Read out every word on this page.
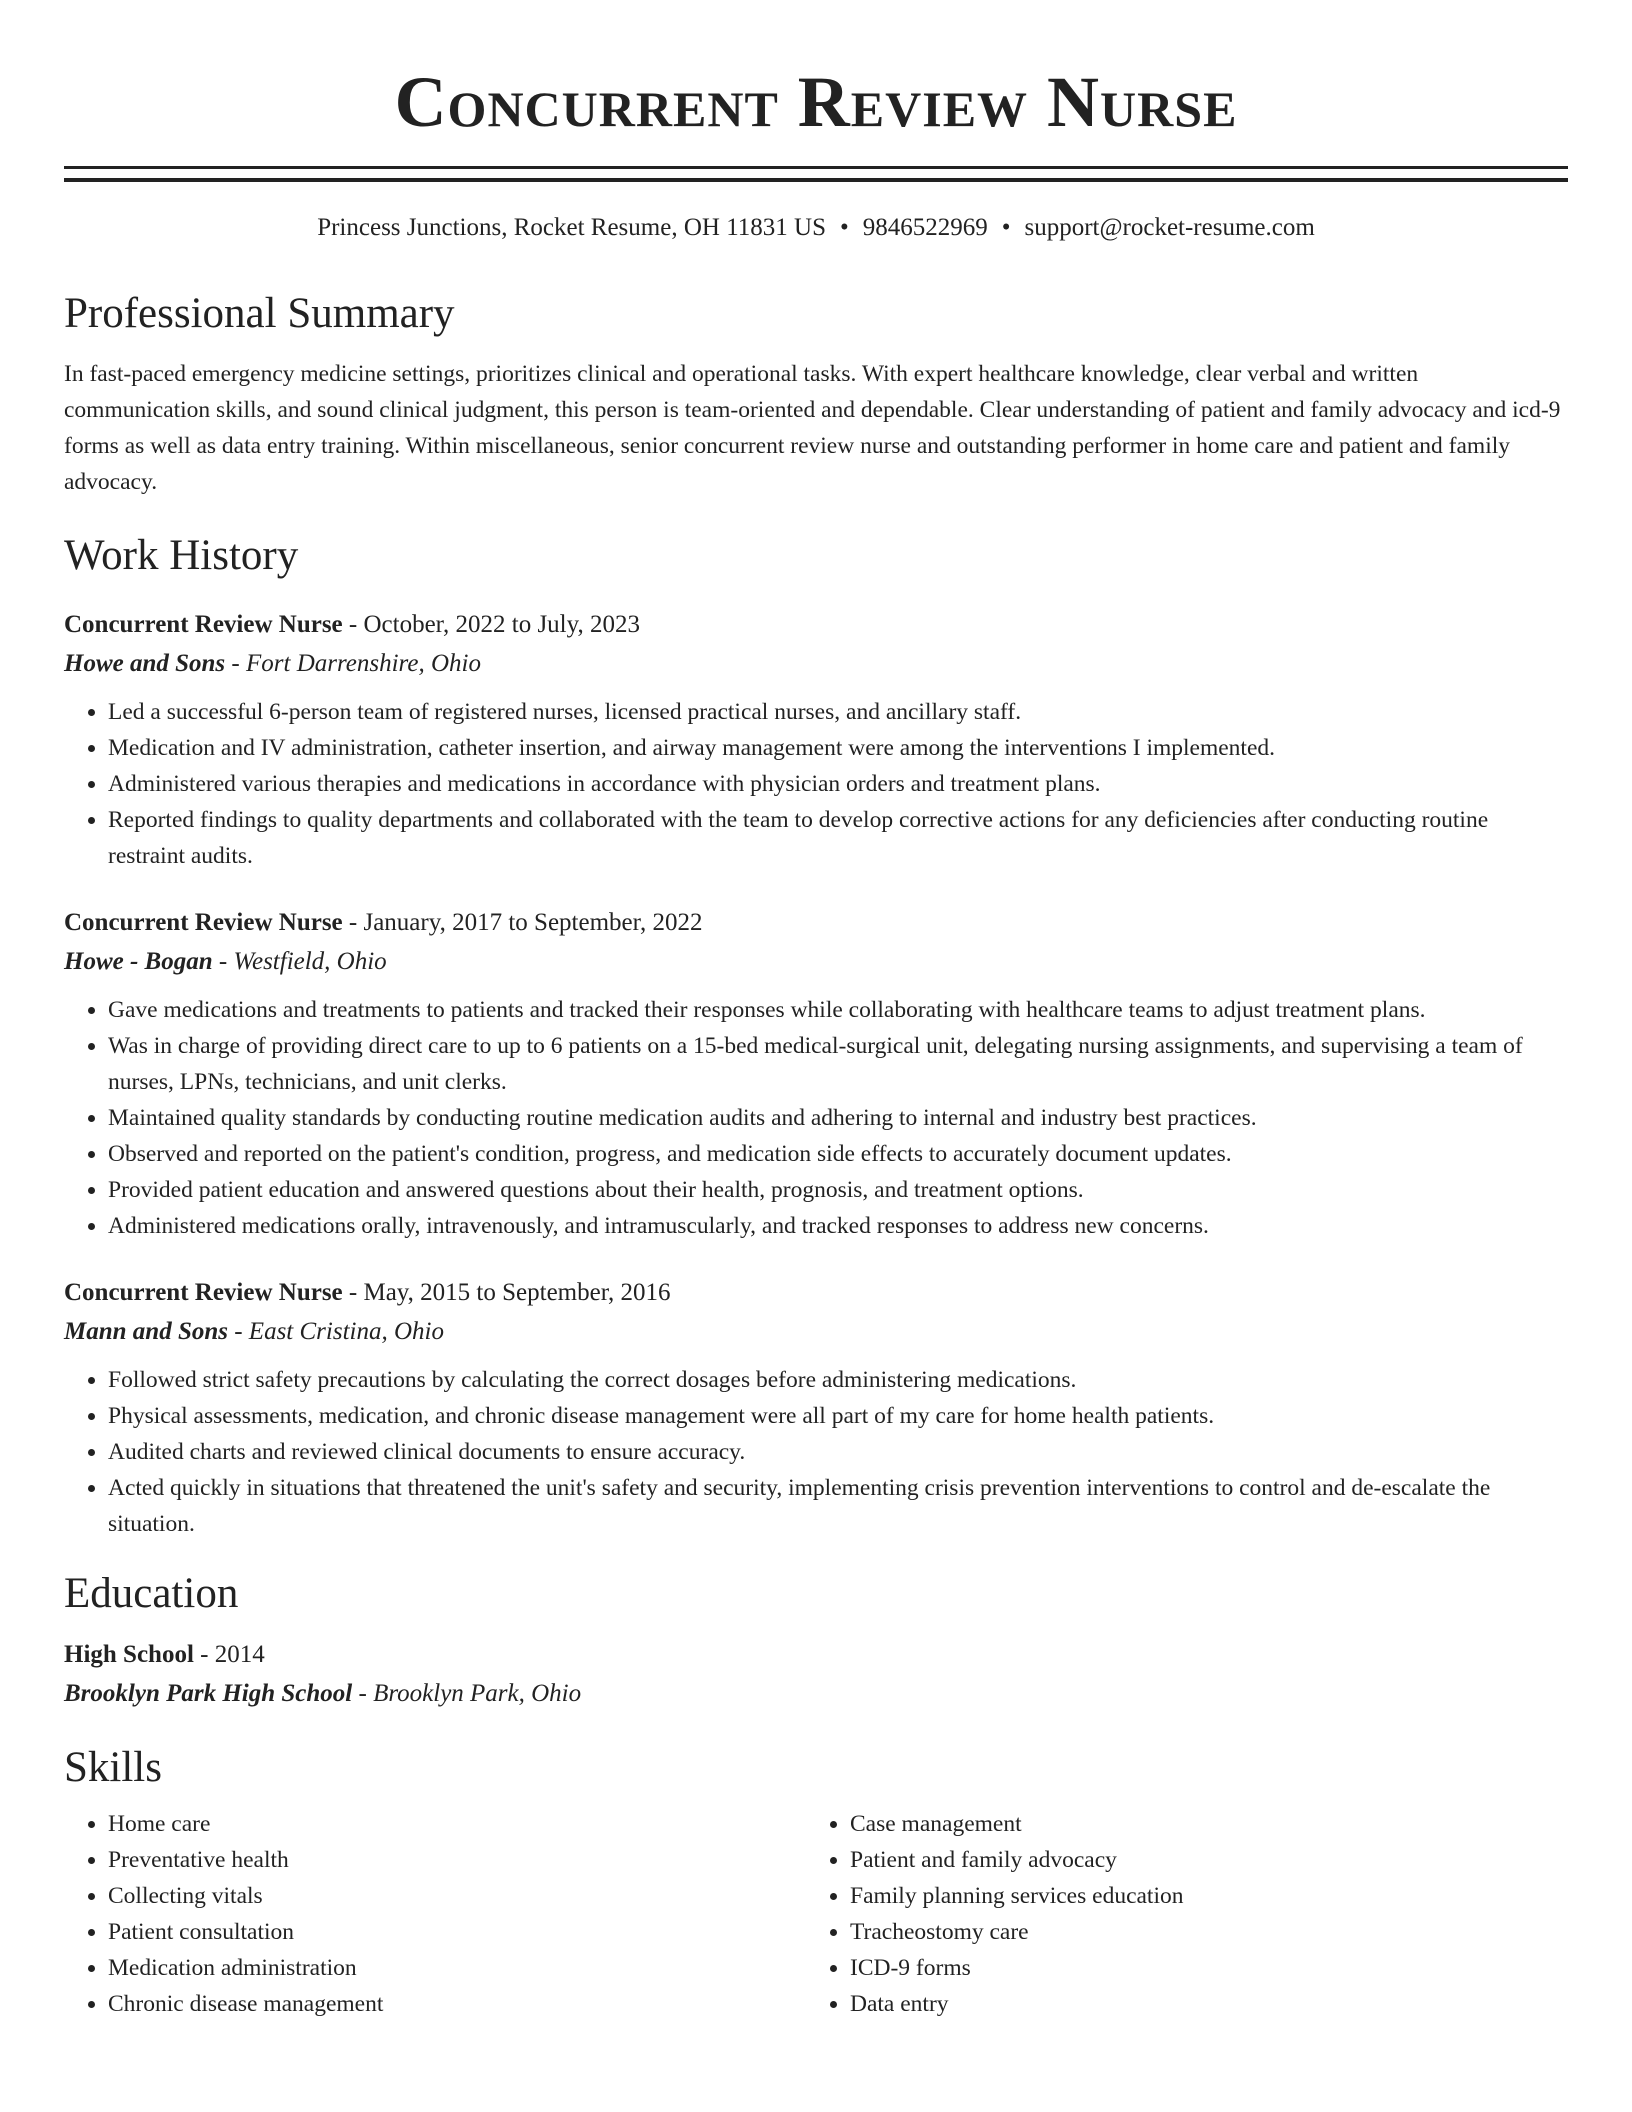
Concurrent Review Nurse
Princess Junctions, Rocket Resume, OH 11831 US • 9846522969 • support@rocket-resume.com
Professional Summary
In fast-paced emergency medicine settings, prioritizes clinical and operational tasks. With expert healthcare knowledge, clear verbal and written communication skills, and sound clinical judgment, this person is team-oriented and dependable. Clear understanding of patient and family advocacy and icd-9 forms as well as data entry training. Within miscellaneous, senior concurrent review nurse and outstanding performer in home care and patient and family advocacy.
Work History
Concurrent Review Nurse - October, 2022 to July, 2023
Howe and Sons - Fort Darrenshire, Ohio
• Led a successful 6-person team of registered nurses, licensed practical nurses, and ancillary staff.
• Medication and IV administration, catheter insertion, and airway management were among the interventions I implemented.
• Administered various therapies and medications in accordance with physician orders and treatment plans.
• Reported findings to quality departments and collaborated with the team to develop corrective actions for any deficiencies after conducting routine restraint audits.
Concurrent Review Nurse - January, 2017 to September, 2022
Howe - Bogan - Westfield, Ohio
• Gave medications and treatments to patients and tracked their responses while collaborating with healthcare teams to adjust treatment plans.
• Was in charge of providing direct care to up to 6 patients on a 15-bed medical-surgical unit, delegating nursing assignments, and supervising a team of nurses, LPNs, technicians, and unit clerks.
• Maintained quality standards by conducting routine medication audits and adhering to internal and industry best practices.
• Observed and reported on the patient's condition, progress, and medication side effects to accurately document updates.
• Provided patient education and answered questions about their health, prognosis, and treatment options.
• Administered medications orally, intravenously, and intramuscularly, and tracked responses to address new concerns.
Concurrent Review Nurse - May, 2015 to September, 2016
Mann and Sons - East Cristina, Ohio
• Followed strict safety precautions by calculating the correct dosages before administering medications.
• Physical assessments, medication, and chronic disease management were all part of my care for home health patients.
• Audited charts and reviewed clinical documents to ensure accuracy.
• Acted quickly in situations that threatened the unit's safety and security, implementing crisis prevention interventions to control and de-escalate the situation.
Education
High School - 2014
Brooklyn Park High School - Brooklyn Park, Ohio
Skills
• Home care
• Preventative health
• Collecting vitals
• Patient consultation
• Medication administration
• Chronic disease management
• Case management
• Patient and family advocacy
• Family planning services education
• Tracheostomy care
• ICD-9 forms
• Data entry
